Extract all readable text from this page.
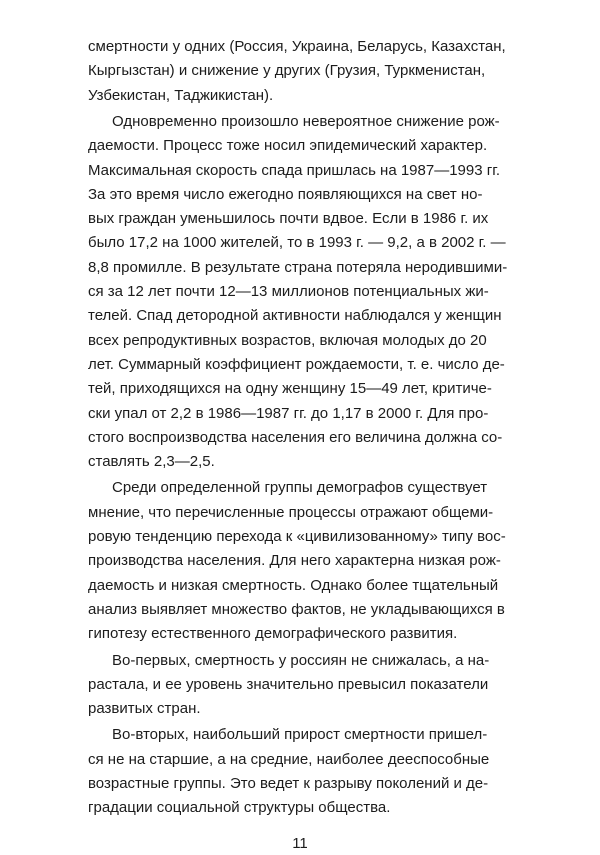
смертности у одних (Россия, Украина, Беларусь, Казахстан,
Кыргызстан) и снижение у других (Грузия, Туркменистан,
Узбекистан, Таджикистан).
Одновременно произошло невероятное снижение рож-
даемости. Процесс тоже носил эпидемический характер.
Максимальная скорость спада пришлась на 1987—1993 гг.
За это время число ежегодно появляющихся на свет но-
вых граждан уменьшилось почти вдвое. Если в 1986 г. их
было 17,2 на 1000 жителей, то в 1993 г. — 9,2, а в 2002 г. —
8,8 промилле. В результате страна потеряла неродившими-
ся за 12 лет почти 12—13 миллионов потенциальных жи-
телей. Спад детородной активности наблюдался у женщин
всех репродуктивных возрастов, включая молодых до 20
лет. Суммарный коэффициент рождаемости, т. е. число де-
тей, приходящихся на одну женщину 15—49 лет, критиче-
ски упал от 2,2 в 1986—1987 гг. до 1,17 в 2000 г. Для про-
стого воспроизводства населения его величина должна со-
ставлять 2,3—2,5.
Среди определенной группы демографов существует
мнение, что перечисленные процессы отражают общеми-
ровую тенденцию перехода к «цивилизованному» типу вос-
производства населения. Для него характерна низкая рож-
даемость и низкая смертность. Однако более тщательный
анализ выявляет множество фактов, не укладывающихся в
гипотезу естественного демографического развития.
Во-первых, смертность у россиян не снижалась, а на-
растала, и ее уровень значительно превысил показатели
развитых стран.
Во-вторых, наибольший прирост смертности пришел-
ся не на старшие, а на средние, наиболее дееспособные
возрастные группы. Это ведет к разрыву поколений и де-
градации социальной структуры общества.
11
